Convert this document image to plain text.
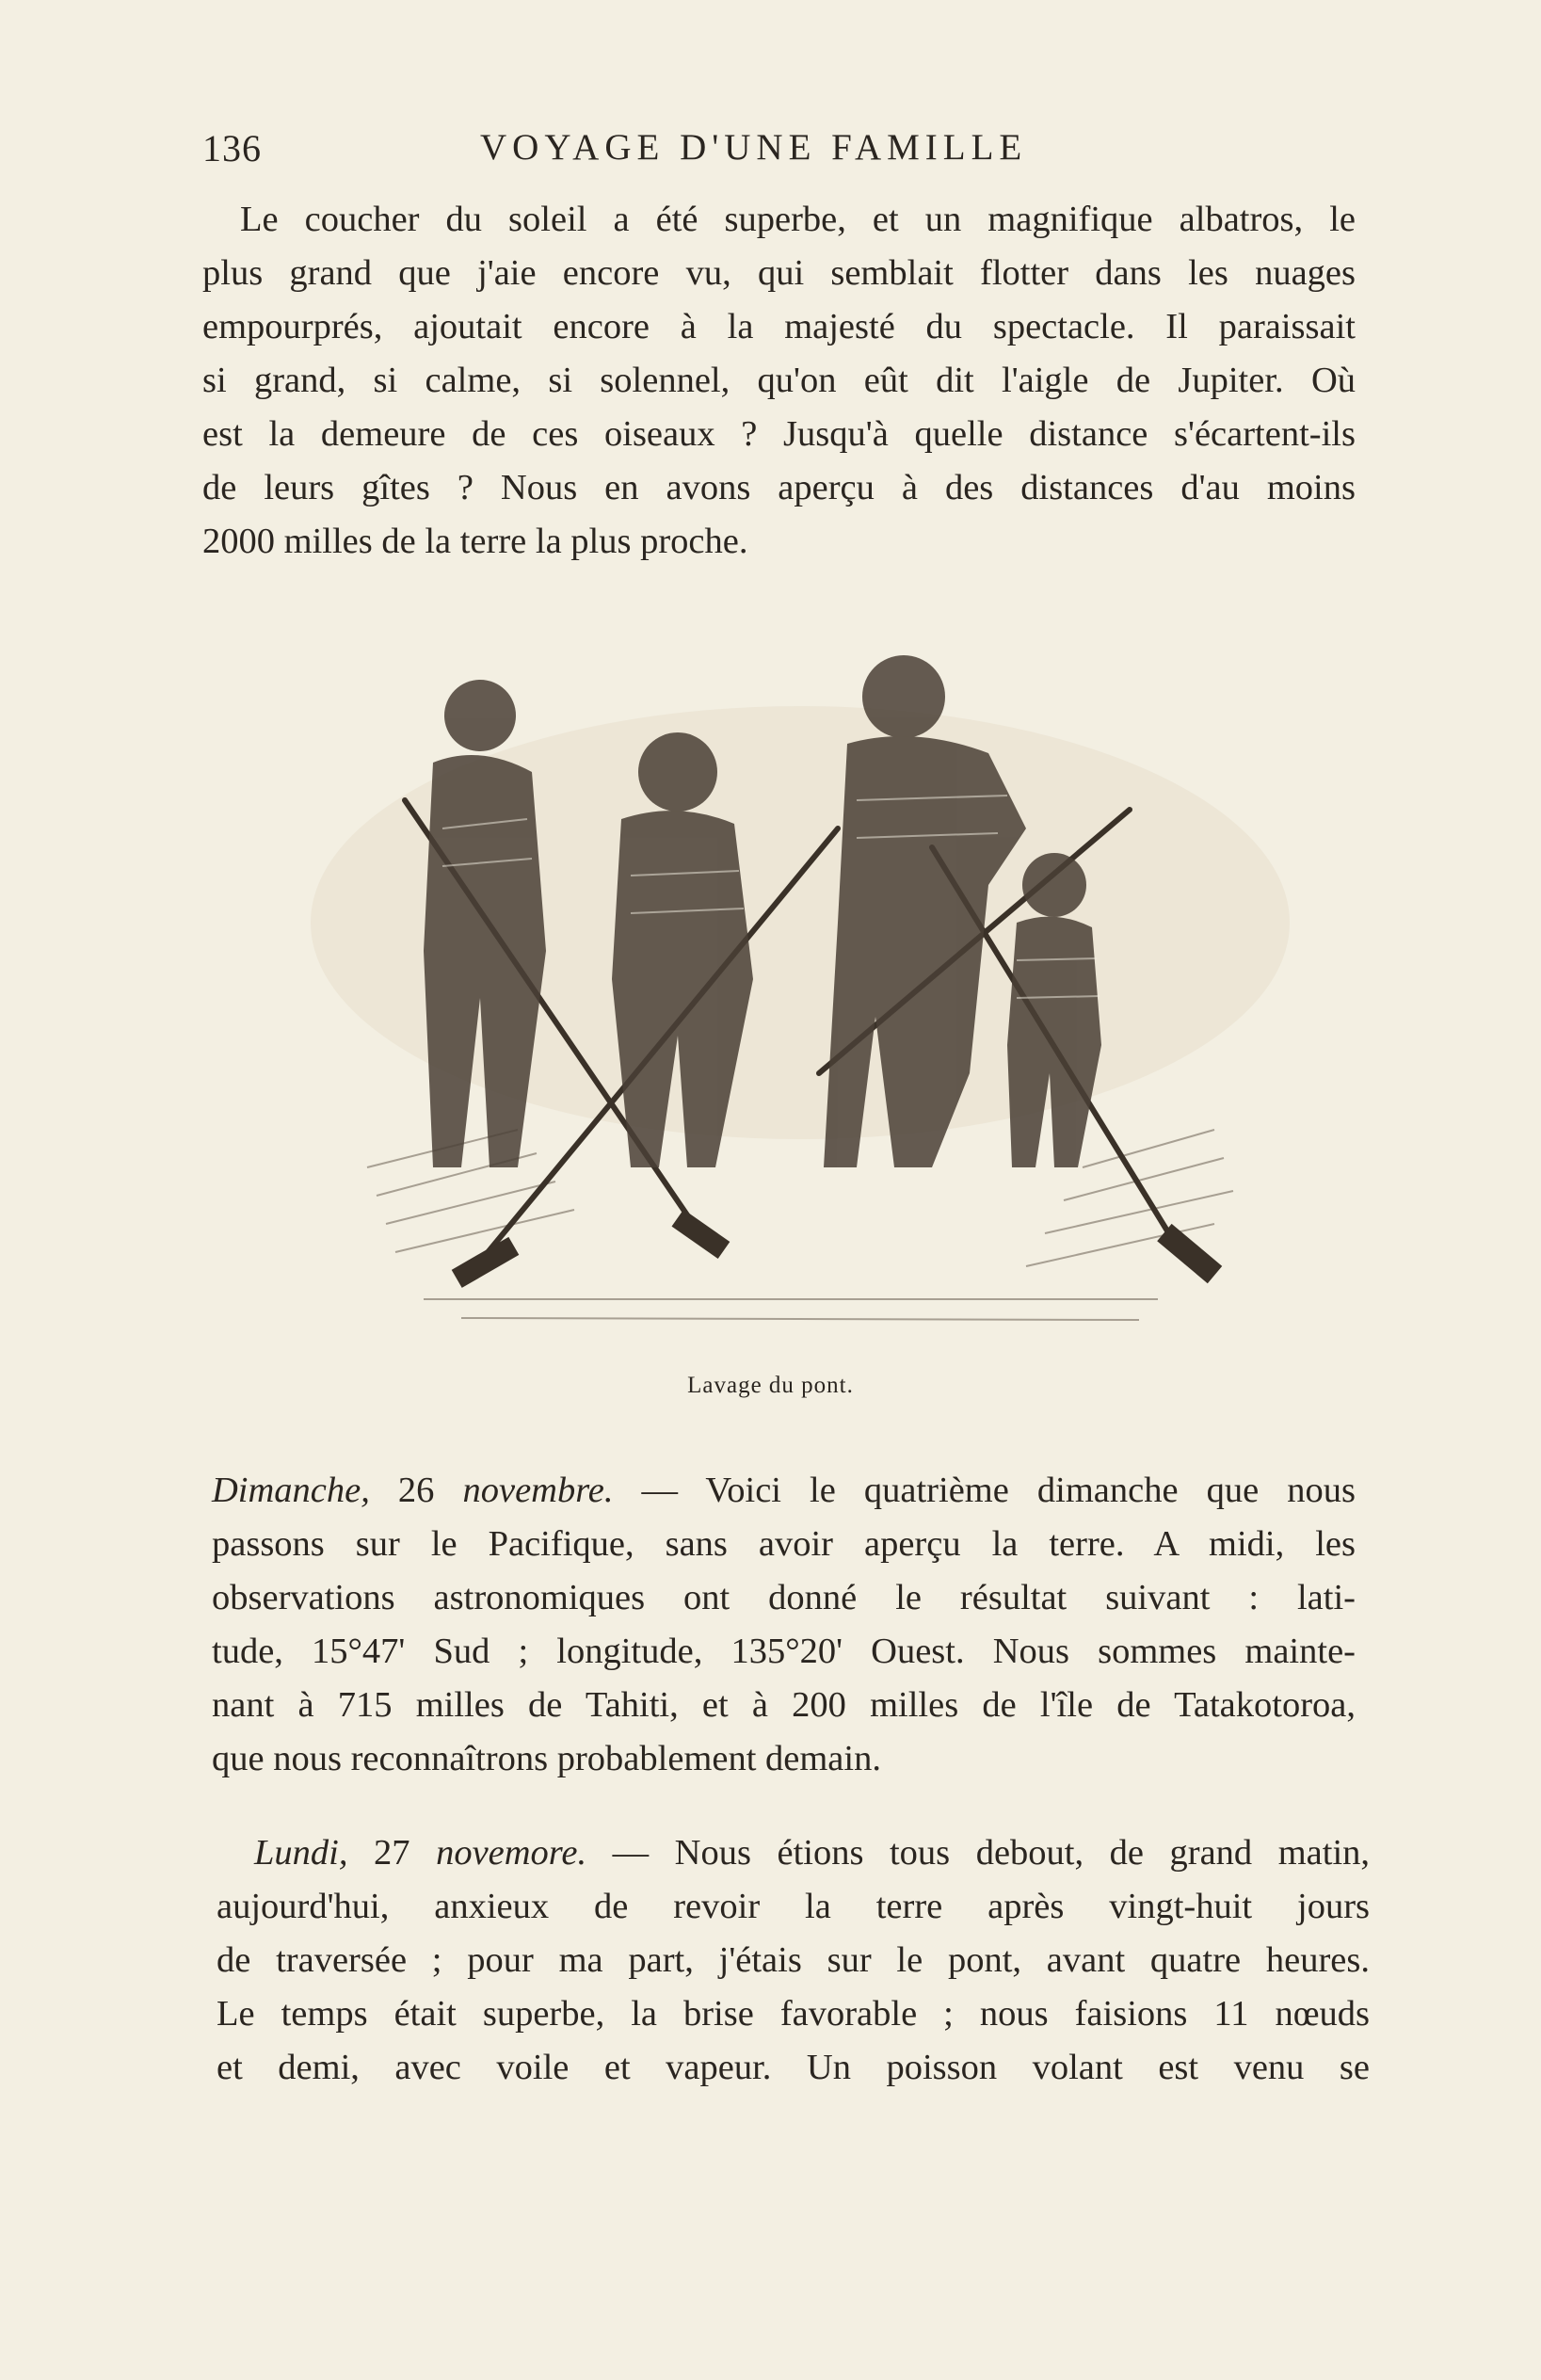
136	VOYAGE D'UNE FAMILLE
Le coucher du soleil a été superbe, et un magnifique albatros, le
plus grand que j'aie encore vu, qui semblait flotter dans les nuages
empourprés, ajoutait encore à la majesté du spectacle. Il paraissait
si grand, si calme, si solennel, qu'on eût dit l'aigle de Jupiter. Où
est la demeure de ces oiseaux ? Jusqu'à quelle distance s'écartent-ils
de leurs gîtes ? Nous en avons aperçu à des distances d'au moins
2000 milles de la terre la plus proche.
Lavage du pont.
Dimanche, 26 novembre. — Voici le quatrième dimanche que nous
passons sur le Pacifique, sans avoir aperçu la terre. A midi, les
observations astronomiques ont donné le résultat suivant : lati-
tude, 15°47' Sud ; longitude, 135°20' Ouest. Nous sommes mainte-
nant à 715 milles de Tahiti, et à 200 milles de l'île de Tatakotoroa,
que nous reconnaîtrons probablement demain.
Lundi, 27 novemore. — Nous étions tous debout, de grand matin,
aujourd'hui, anxieux de revoir la terre après vingt-huit jours
de traversée ; pour ma part, j'étais sur le pont, avant quatre heures.
Le temps était superbe, la brise favorable ; nous faisions 11 nœuds
et demi, avec voile et vapeur. Un poisson volant est venu se
